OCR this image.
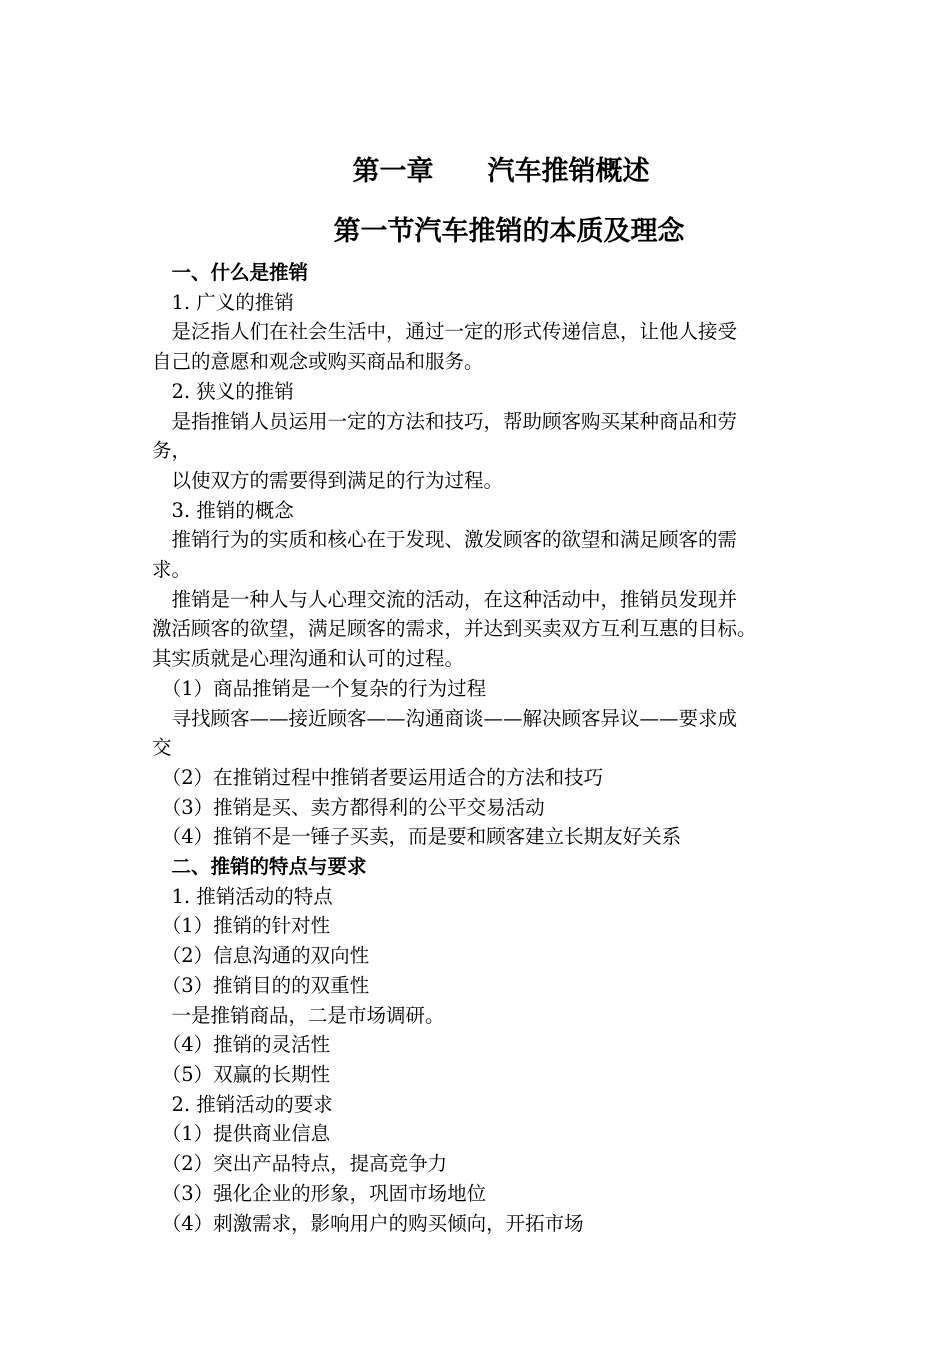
第一章　　汽车推销概述
第一节汽车推销的本质及理念

　一、什么是推销

　1. 广义的推销

　是泛指人们在社会生活中，通过一定的形式传递信息，让他人接受

自己的意愿和观念或购买商品和服务。

　2. 狭义的推销

　是指推销人员运用一定的方法和技巧，帮助顾客购买某种商品和劳

务，

　以使双方的需要得到满足的行为过程。

　3. 推销的概念

　推销行为的实质和核心在于发现、激发顾客的欲望和满足顾客的需

求。

　推销是一种人与人心理交流的活动，在这种活动中，推销员发现并

激活顾客的欲望，满足顾客的需求，并达到买卖双方互利互惠的目标。

其实质就是心理沟通和认可的过程。

　（1）商品推销是一个复杂的行为过程

　寻找顾客——接近顾客——沟通商谈——解决顾客异议——要求成

交

　（2）在推销过程中推销者要运用适合的方法和技巧

　（3）推销是买、卖方都得利的公平交易活动

　（4）推销不是一锤子买卖，而是要和顾客建立长期友好关系

　二、推销的特点与要求

　1. 推销活动的特点

　（1）推销的针对性

　（2）信息沟通的双向性

　（3）推销目的的双重性

　一是推销商品，二是市场调研。

　（4）推销的灵活性

　（5）双赢的长期性

　2. 推销活动的要求

　（1）提供商业信息

　（2）突出产品特点，提高竞争力

　（3）强化企业的形象，巩固市场地位

　（4）刺激需求，影响用户的购买倾向，开拓市场
